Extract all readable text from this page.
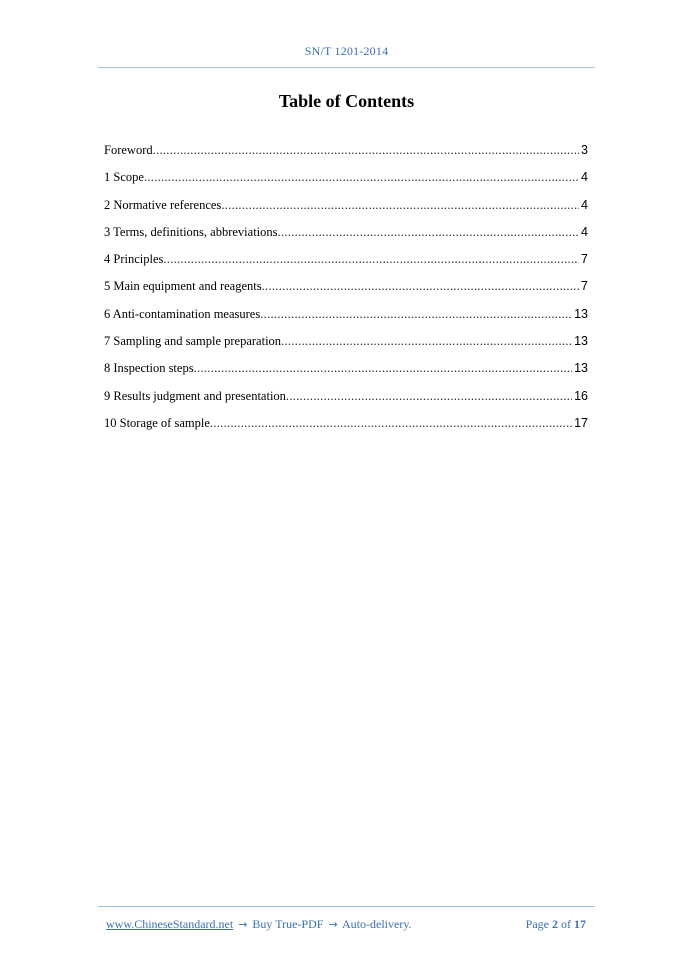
SN/T 1201-2014
Table of Contents
Foreword .....	3
1 Scope .....	4
2 Normative references .....	4
3 Terms, definitions, abbreviations .....	4
4 Principles .....	7
5 Main equipment and reagents .....	7
6 Anti-contamination measures .....	13
7 Sampling and sample preparation .....	13
8 Inspection steps .....	13
9 Results judgment and presentation .....	16
10 Storage of sample .....	17
www.ChineseStandard.net → Buy True-PDF → Auto-delivery.	Page 2 of 17
